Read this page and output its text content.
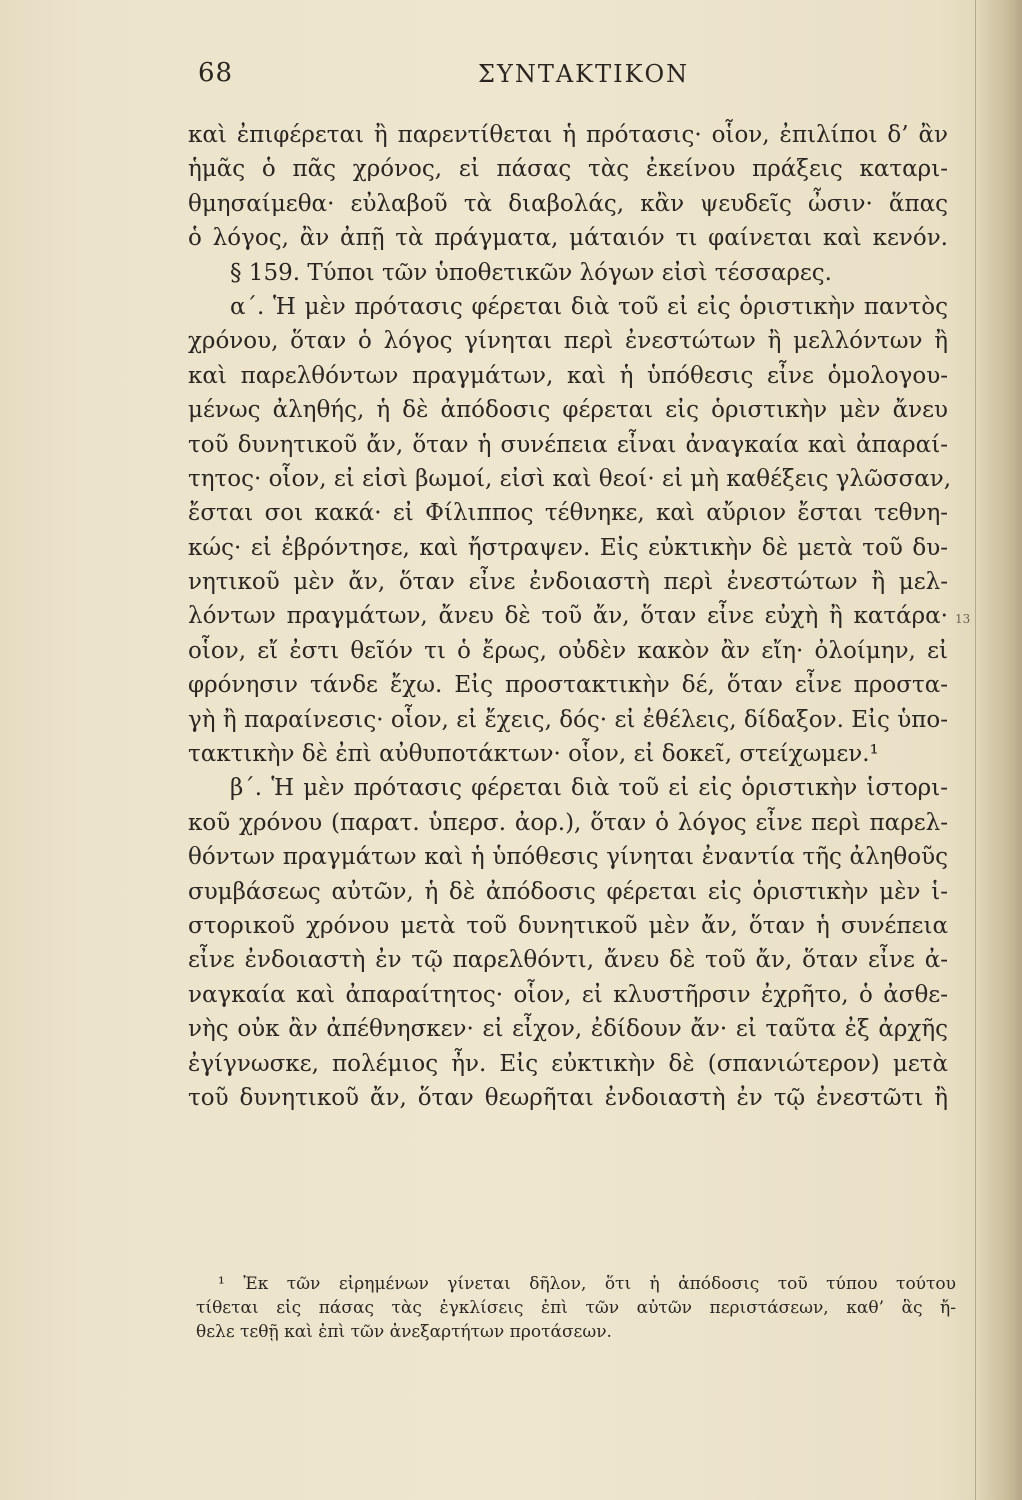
68	ΣΥΝΤΑΚΤΙΚΟΝ
καὶ ἐπιφέρεται ἢ παρεντίθεται ἡ πρότασις· οἷον, ἐπιλίποι δ’ ἂν
ἡμᾶς ὁ πᾶς χρόνος, εἰ πάσας τὰς ἐκείνου πράξεις καταρι-
θμησαίμεθα· εὐλαβοῦ τὰ διαβολάς, κἂν ψευδεῖς ὦσιν· ἅπας
ὁ λόγος, ἂν ἀπῇ τὰ πράγματα, μάταιόν τι φαίνεται καὶ κενόν.
§ 159. Τύποι τῶν ὑποθετικῶν λόγων εἰσὶ τέσσαρες.
α΄. Ἡ μὲν πρότασις φέρεται διὰ τοῦ εἰ εἰς ὁριστικὴν παντὸς
χρόνου, ὅταν ὁ λόγος γίνηται περὶ ἐνεστώτων ἢ μελλόντων ἢ
καὶ παρελθόντων πραγμάτων, καὶ ἡ ὑπόθεσις εἶνε ὁμολογου-
μένως ἀληθής, ἡ δὲ ἀπόδοσις φέρεται εἰς ὁριστικὴν μὲν ἄνευ
τοῦ δυνητικοῦ ἄν, ὅταν ἡ συνέπεια εἶναι ἀναγκαία καὶ ἀπαραί-
τητος· οἷον, εἰ εἰσὶ βωμοί, εἰσὶ καὶ θεοί· εἰ μὴ καθέξεις γλῶσσαν,
ἔσται σοι κακά· εἰ Φίλιππος τέθνηκε, καὶ αὔριον ἔσται τεθνη-
κώς· εἰ ἐβρόντησε, καὶ ἤστραψεν. Εἰς εὐκτικὴν δὲ μετὰ τοῦ δυ-
νητικοῦ μὲν ἄν, ὅταν εἶνε ἐνδοιαστὴ περὶ ἐνεστώτων ἢ μελ-
λόντων πραγμάτων, ἄνευ δὲ τοῦ ἄν, ὅταν εἶνε εὐχὴ ἢ κατάρα·
οἷον, εἴ ἐστι θεῖόν τι ὁ ἔρως, οὐδὲν κακὸν ἂν εἴη· ὀλοίμην, εἰ
φρόνησιν τάνδε ἔχω. Εἰς προστακτικὴν δέ, ὅταν εἶνε προστα-
γὴ ἢ παραίνεσις· οἷον, εἰ ἔχεις, δός· εἰ ἐθέλεις, δίδαξον. Εἰς ὑπο-
τακτικὴν δὲ ἐπὶ αὐθυποτάκτων· οἷον, εἰ δοκεῖ, στείχωμεν.¹
β΄. Ἡ μὲν πρότασις φέρεται διὰ τοῦ εἰ εἰς ὁριστικὴν ἱστορι-
κοῦ χρόνου (παρατ. ὑπερσ. ἀορ.), ὅταν ὁ λόγος εἶνε περὶ παρελ-
θόντων πραγμάτων καὶ ἡ ὑπόθεσις γίνηται ἐναντία τῆς ἀληθοῦς
συμβάσεως αὐτῶν, ἡ δὲ ἀπόδοσις φέρεται εἰς ὁριστικὴν μὲν ἱ-
στορικοῦ χρόνου μετὰ τοῦ δυνητικοῦ μὲν ἄν, ὅταν ἡ συνέπεια
εἶνε ἐνδοιαστὴ ἐν τῷ παρελθόντι, ἄνευ δὲ τοῦ ἄν, ὅταν εἶνε ἀ-
ναγκαία καὶ ἀπαραίτητος· οἷον, εἰ κλυστῆρσιν ἐχρῆτο, ὁ ἀσθε-
νὴς οὐκ ἂν ἀπέθνησκεν· εἰ εἶχον, ἐδίδουν ἄν· εἰ ταῦτα ἐξ ἀρχῆς
ἐγίγνωσκε, πολέμιος ἦν. Εἰς εὐκτικὴν δὲ (σπανιώτερον) μετὰ
τοῦ δυνητικοῦ ἄν, ὅταν θεωρῆται ἐνδοιαστὴ ἐν τῷ ἐνεστῶτι ἢ
13
¹ Ἐκ τῶν εἰρημένων γίνεται δῆλον, ὅτι ἡ ἀπόδοσις τοῦ τύπου τούτου
τίθεται εἰς πάσας τὰς ἐγκλίσεις ἐπὶ τῶν αὐτῶν περιστάσεων, καθ’ ἃς ἤ-
θελε τεθῇ καὶ ἐπὶ τῶν ἀνεξαρτήτων προτάσεων.
